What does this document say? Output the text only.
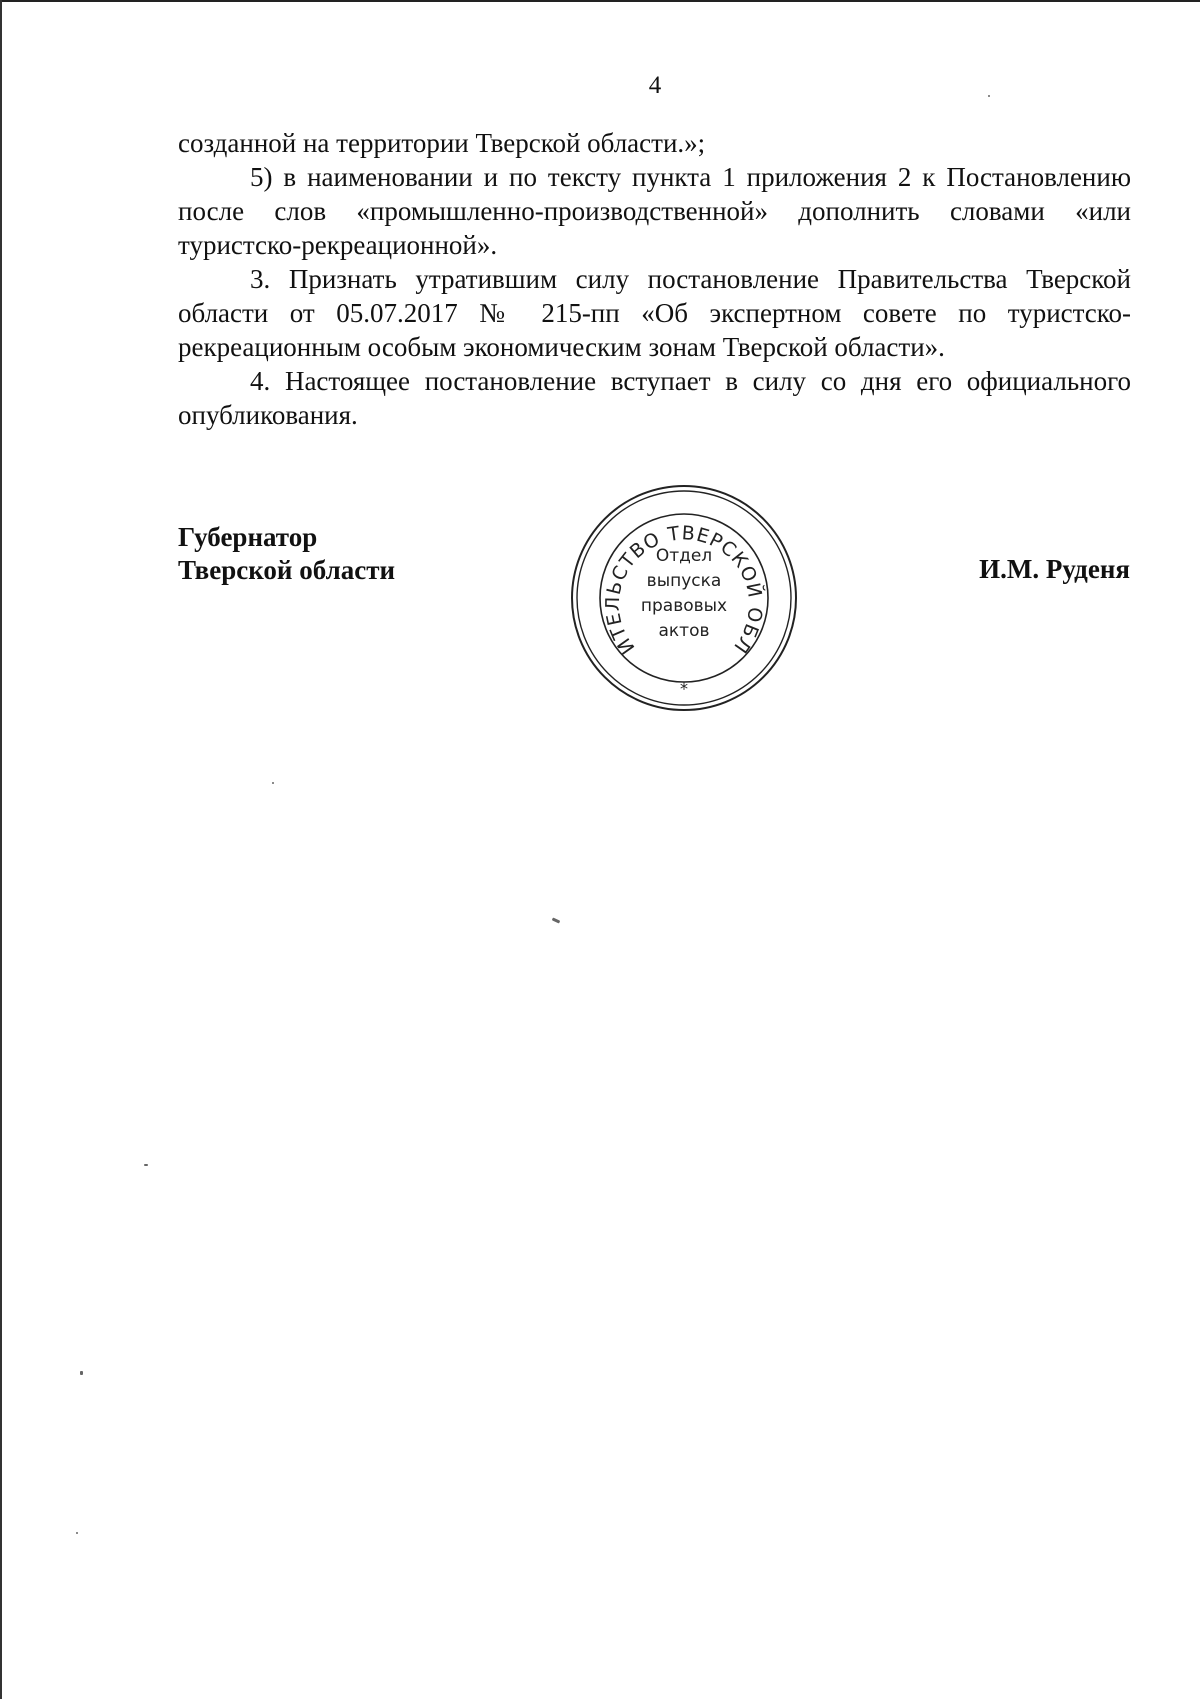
4

созданной на территории Тверской области.»;

5) в наименовании и по тексту пункта 1 приложения 2 к Постановлению после слов «промышленно-производственной» дополнить словами «или туристско-рекреационной».

3. Признать утратившим силу постановление Правительства Тверской области от 05.07.2017 № 215-пп «Об экспертном совете по туристско-рекреационным особым экономическим зонам Тверской области».

4. Настоящее постановление вступает в силу со дня его официального опубликования.

Губернатор
Тверской области
ИТЕЛЬСТВО ТВЕРСКОЙ ОБЛ
*
Отдел
выпуска
правовых
актов
И.М. Руденя
